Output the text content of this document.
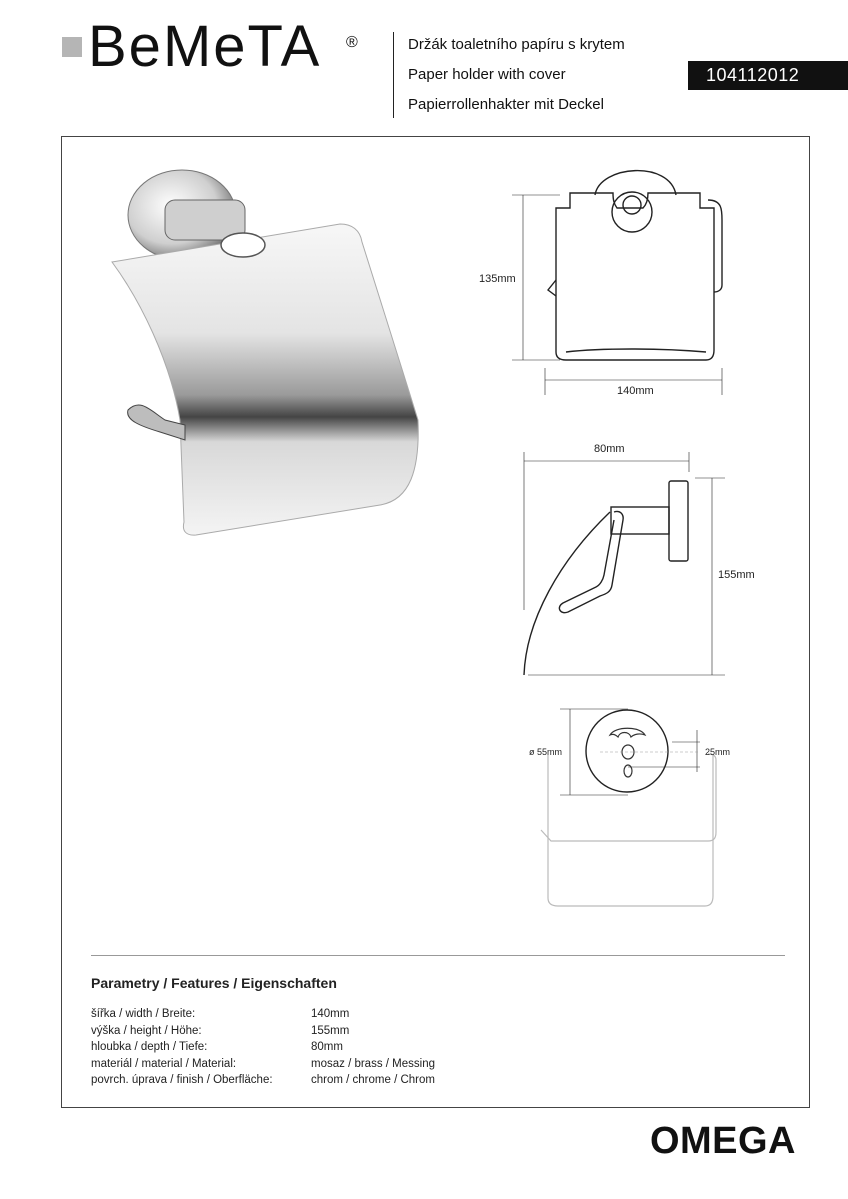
BeMeTA ®	Držák toaletního papíru s krytem
Paper holder with cover
Papierrollenhakter mit Deckel
104112012
135mm
140mm
80mm
155mm
ø 55mm	25mm
Parametry / Features / Eigenschaften
šířka / width / Breite:	140mm
výška / height / Höhe:	155mm
hloubka / depth / Tiefe:	80mm
materiál / material / Material:	mosaz / brass / Messing
povrch. úprava / finish / Oberfläche:	chrom / chrome / Chrom
OMEGA
